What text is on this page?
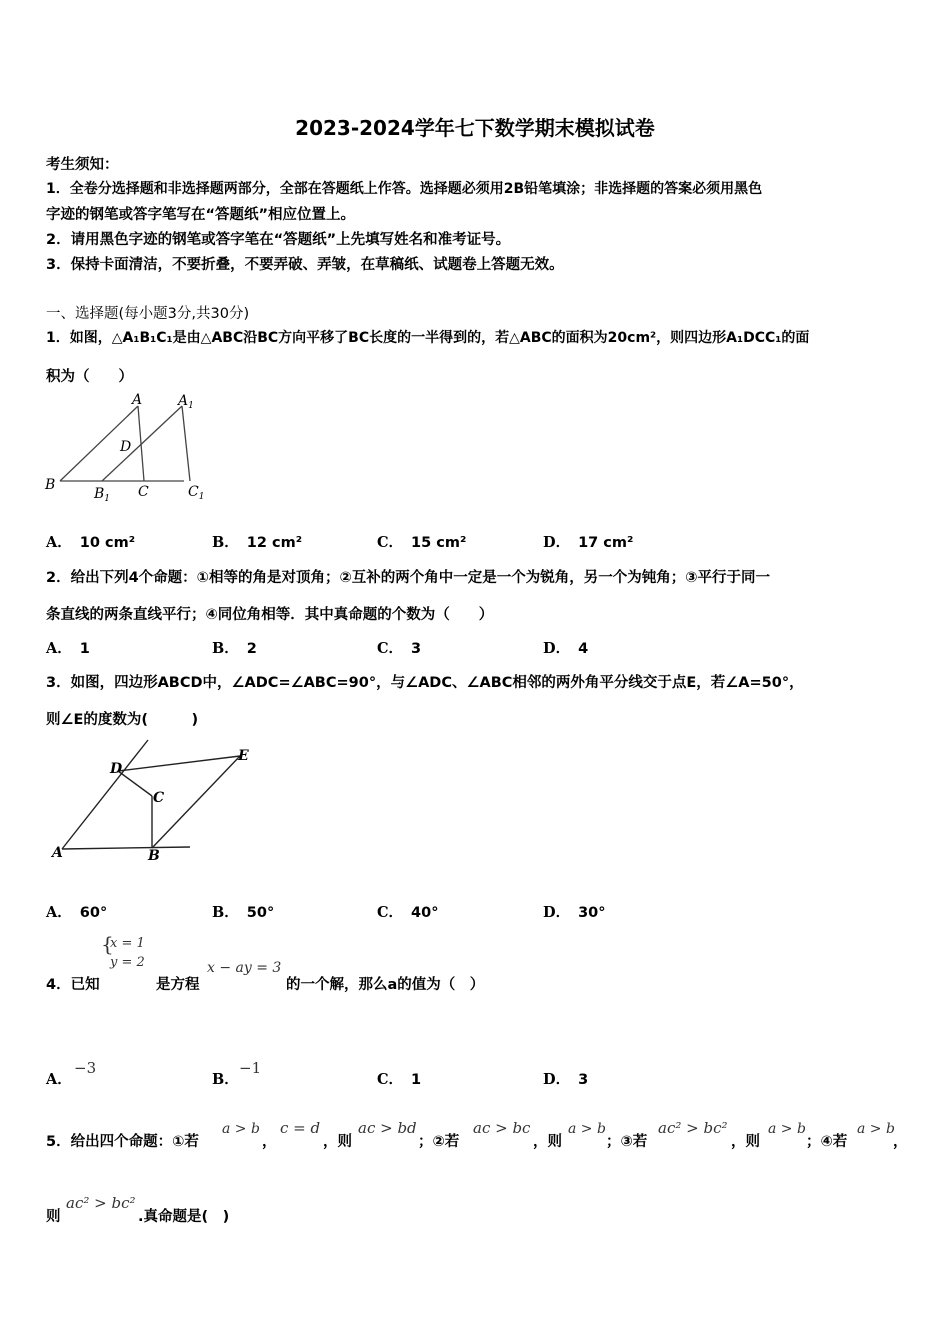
2023-2024学年七下数学期末模拟试卷
考生须知：
1．全卷分选择题和非选择题两部分，全部在答题纸上作答。选择题必须用2B铅笔填涂；非选择题的答案必须用黑色
字迹的钢笔或答字笔写在“答题纸”相应位置上。
2．请用黑色字迹的钢笔或答字笔在“答题纸”上先填写姓名和准考证号。
3．保持卡面清洁，不要折叠，不要弄破、弄皱，在草稿纸、试题卷上答题无效。
一、选择题(每小题3分,共30分)
1．如图，△A₁B₁C₁是由△ABC沿BC方向平移了BC长度的一半得到的，若△ABC的面积为20cm²，则四边形A₁DCC₁的面
积为（　　）
A	$A_1$
D
B
$B_1$ C	$C_1$
A． 10 cm²	B． 12 cm²	C． 15 cm²	D． 17 cm²
2．给出下列4个命题：①相等的角是对顶角；②互补的两个角中一定是一个为锐角，另一个为钝角；③平行于同一
条直线的两条直线平行；④同位角相等．其中真命题的个数为（　　）
A． 1	B． 2	C． 3	D． 4
3．如图，四边形ABCD中，∠ADC=∠ABC=90°，与∠ADC、∠ABC相邻的两外角平分线交于点E，若∠A=50°，
则∠E的度数为(　　　)
D
E
C
A	B
A． 60°	B． 50°	C． 40°	D． 30°
4．已知
{
x = 1
y = 2
是方程
x − ay = 3
的一个解，那么a的值为（　）
A．
−3
B．
−1
C． 1	D． 3
5．给出四个命题：①若
a > b
，
c = d
，则
ac > bd
；②若
ac > bc
，则
a > b
；③若
ac² > bc²
，则
a > b
；④若
a > b
，
则
ac² > bc²
.真命题是(　)
